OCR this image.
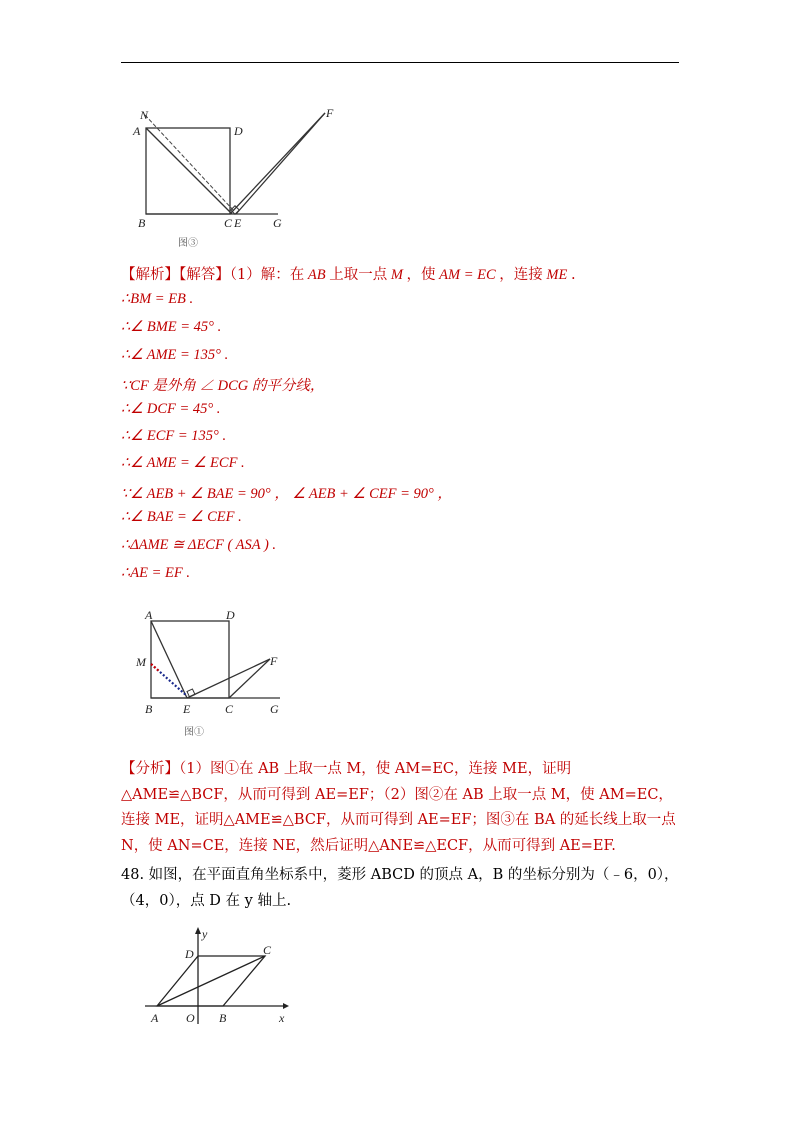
N
A	D
F
B	C E	G
图③
【解析】【解答】（1）解：在 AB 上取一点 M ，使 AM = EC ，连接 ME .
∴BM = EB .
∴∠ BME = 45° .
∴∠ AME = 135° .
∵CF 是外角 ∠ DCG 的平分线，
∴∠ DCF = 45° .
∴∠ ECF = 135° .
∴∠ AME = ∠ ECF .
∵∠ AEB + ∠ BAE = 90° ， ∠ AEB + ∠ CEF = 90° ，
∴∠ BAE = ∠ CEF .
∴ΔAME ≅ ΔECF ( ASA ) .
∴AE = EF .
A	D
M	F
B	E	C	G
图①
【分析】（1）图①在 AB 上取一点 M，使 AM=EC，连接 ME，证明△AME≌△BCF，从而可得到 AE=EF；（2）图②在 AB 上取一点 M，使 AM=EC，连接 ME，证明△AME≌△BCF，从而可得到 AE=EF；图③在 BA 的延长线上取一点 N，使 AN=CE，连接 NE，然后证明△ANE≌△ECF，从而可得到 AE=EF.
48. 如图，在平面直角坐标系中，菱形 ABCD 的顶点 A，B 的坐标分别为（﹣6，0），（4，0），点 D 在 y 轴上.
y
D	C
A O B	x
